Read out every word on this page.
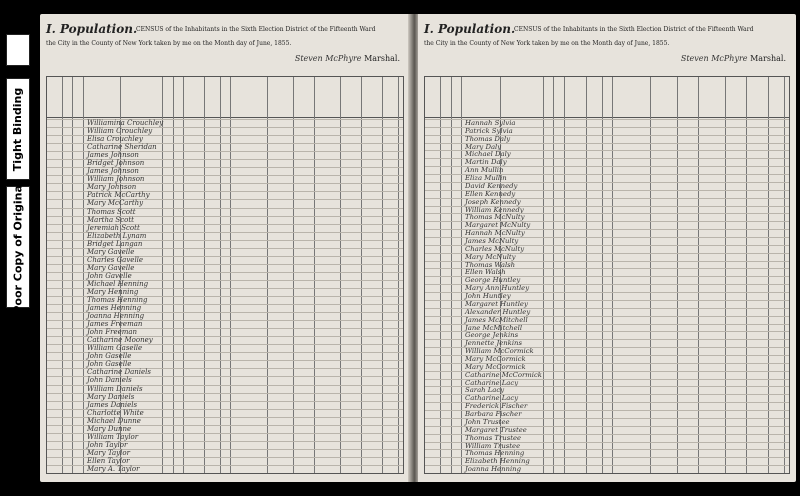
Tight Binding
Poor Copy of Original
I. Population.
CENSUS of the Inhabitants in the Sixth Election District of the Fifteenth Ward
the City in the County of New York taken by me on the Month day of June, 1855.
Steven McPhyre Marshal.
Williamina Crouchley
William Crouchley
Elisa Crouchley
Catharine Sheridan
James Johnson
Bridget Johnson
James Johnson
William Johnson
Mary Johnson
Patrick McCarthy
Mary McCarthy
Thomas Scott
Martha Scott
Jeremiah Scott
Elizabeth Lynam
Bridget Langan
Mary Gavelle
Charles Gavelle
Mary Gavelle
John Gavelle
Michael Henning
Mary Henning
Thomas Henning
James Henning
Joanna Henning
James Freeman
John Freeman
Catharine Mooney
William Gaselle
John Gaselle
John Gaselle
Catharine Daniels
John Daniels
William Daniels
Mary Daniels
James Daniels
Charlotte White
Michael Dunne
Mary Dunne
William Taylor
John Taylor
Mary Taylor
Ellen Taylor
Mary A. Taylor
I. Population.
CENSUS of the Inhabitants in the Sixth Election District of the Fifteenth Ward
the City in the County of New York taken by me on the Month day of June, 1855.
Steven McPhyre Marshal.
Hannah Sylvia
Patrick Sylvia
Thomas Daly
Mary Daly
Michael Daly
Martin Daly
Ann Mullin
Eliza Mullin
David Kennedy
Ellen Kennedy
Joseph Kennedy
William Kennedy
Thomas McNulty
Margaret McNulty
Hannah McNulty
James McNulty
Charles McNulty
Mary McNulty
Thomas Walsh
Ellen Walsh
George Huntley
Mary Ann Huntley
John Huntley
Margaret Huntley
Alexander Huntley
James McMitchell
Jane McMitchell
George Jenkins
Jennette Jenkins
William McCormick
Mary McCormick
Mary McCormick
Catharine McCormick
Catharine Lacy
Sarah Lacy
Catharine Lacy
Frederick Fischer
Barbara Fischer
John Trustee
Margaret Trustee
Thomas Trustee
William Trustee
Thomas Henning
Elizabeth Henning
Joanna Henning
